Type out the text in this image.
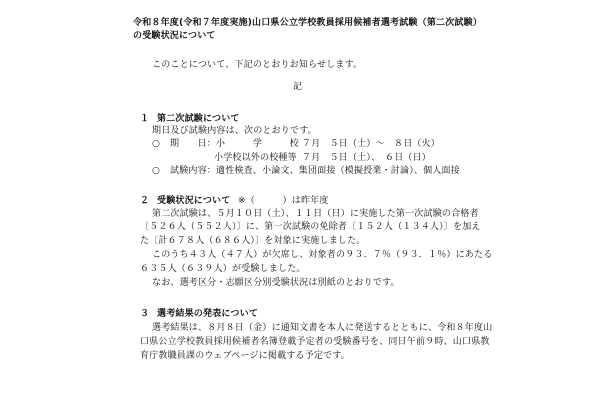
令和８年度(令和７年度実施)山口県公立学校教員採用候補者選考試験（第二次試験）
の受験状況について
このことについて、下記のとおりお知らせします。
記
１ 第二次試験について
期日及び試験内容は、次のとおりです。
○ 期　　日：小　　　学　　　校 ７月　５日（土）～　８日（火）
小学校以外の校種等 ７月　５日（土）、　６日（日）
○ 試験内容：適性検査、小論文、集団面接（模擬授業・討論）、個人面接
２ 受験状況について ※（　　　）は昨年度
第二次試験は、５月１０日（土）、１１日（日）に実施した第一次試験の合格者
〔５２６人（５５２人）〕に、第一次試験の免除者〔１５２人（１３４人）〕を加え
た〔計６７８人（６８６人）〕を対象に実施しました。
このうち４３人（４７人）が欠席し、対象者の９３．７％（９３．１％）にあたる
６３５人（６３９人）が受験しました。
なお、選考区分・志願区分別受験状況は別紙のとおりです。
３ 選考結果の発表について
選考結果は、８月８日（金）に通知文書を本人に発送するとともに、令和８年度山
口県公立学校教員採用候補者名簿登載予定者の受験番号を、同日午前９時、山口県教
育庁教職員課のウェブページに掲載する予定です。
